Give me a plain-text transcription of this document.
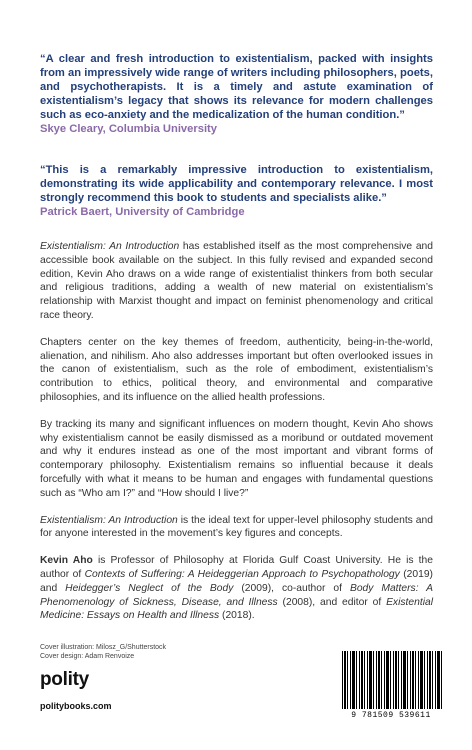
“A clear and fresh introduction to existentialism, packed with insights from an impressively wide range of writers including philosophers, poets, and psychotherapists. It is a timely and astute examination of existentialism’s legacy that shows its relevance for modern challenges such as eco-anxiety and the medicalization of the human condition.”
Skye Cleary, Columbia University
“This is a remarkably impressive introduction to existentialism, demonstrating its wide applicability and contemporary relevance. I most strongly recommend this book to students and specialists alike.”
Patrick Baert, University of Cambridge

Existentialism: An Introduction has established itself as the most comprehensive and accessible book available on the subject. In this fully revised and expanded second edition, Kevin Aho draws on a wide range of existentialist thinkers from both secular and religious traditions, adding a wealth of new material on existentialism’s relationship with Marxist thought and impact on feminist phenomenology and critical race theory.

Chapters center on the key themes of freedom, authenticity, being-in-the-world, alienation, and nihilism. Aho also addresses important but often overlooked issues in the canon of existentialism, such as the role of embodiment, existentialism’s contribution to ethics, political theory, and environmental and comparative philosophies, and its influence on the allied health professions.

By tracking its many and significant influences on modern thought, Kevin Aho shows why existentialism cannot be easily dismissed as a moribund or outdated movement and why it endures instead as one of the most important and vibrant forms of contemporary philosophy. Existentialism remains so influential because it deals forcefully with what it means to be human and engages with fundamental questions such as “Who am I?” and “How should I live?”

Existentialism: An Introduction is the ideal text for upper-level philosophy students and for anyone interested in the movement’s key figures and concepts.

Kevin Aho is Professor of Philosophy at Florida Gulf Coast University. He is the author of Contexts of Suffering: A Heideggerian Approach to Psychopathology (2019) and Heidegger’s Neglect of the Body (2009), co-author of Body Matters: A Phenomenology of Sickness, Disease, and Illness (2008), and editor of Existential Medicine: Essays on Health and Illness (2018).

Cover illustration: Milosz_G/Shutterstock
Cover design: Adam Renvoize
polity
politybooks.com
9 781509 539611
